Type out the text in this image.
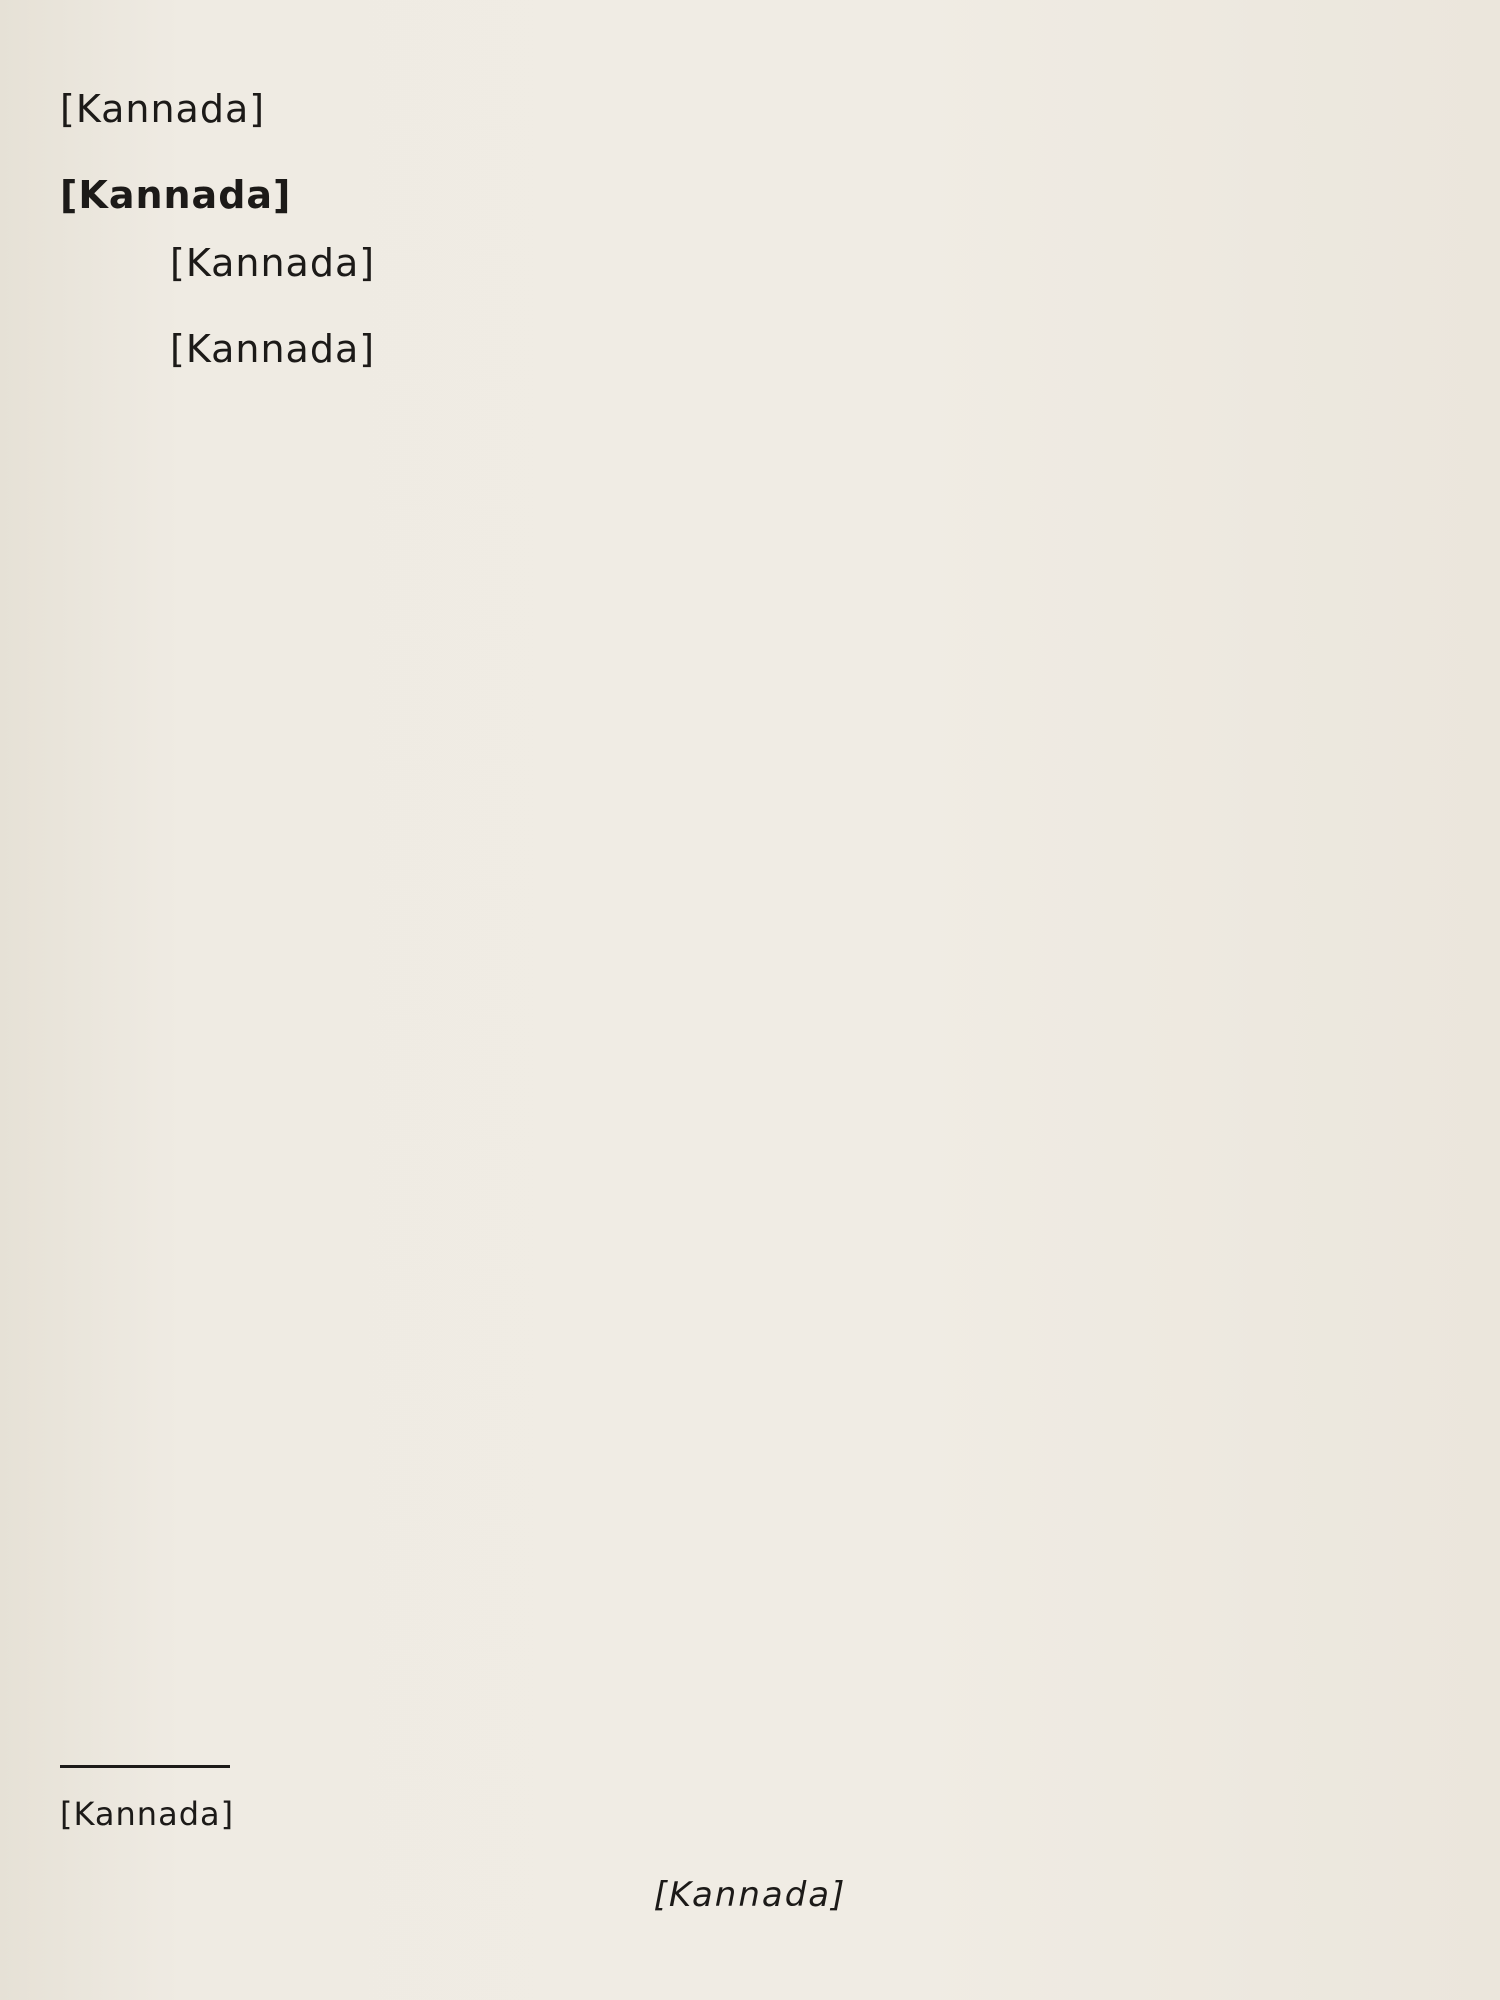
[Kannada]

[Kannada]

[Kannada]

[Kannada]

[Kannada]
[Kannada]
